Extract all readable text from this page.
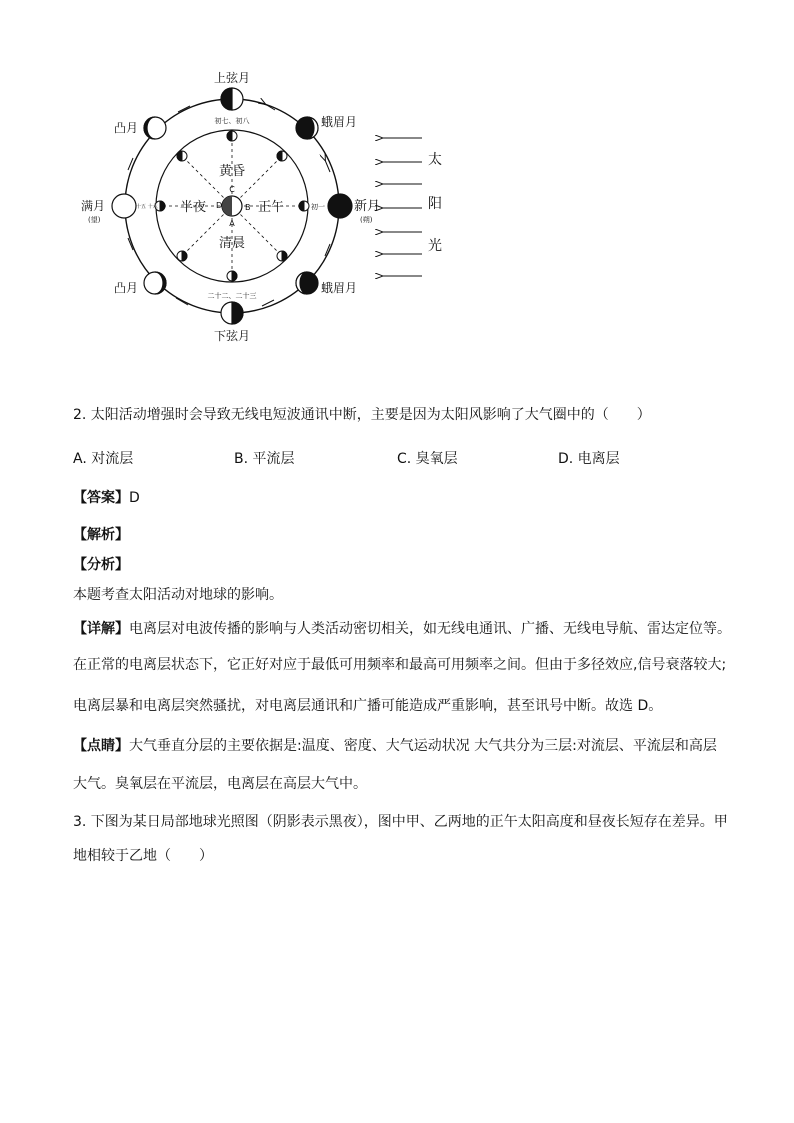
上弦月
蛾眉月
新月
(朔)
蛾眉月
下弦月
凸月
满月
(望)
凸月	初七、初八
二十二、二十三
十五 十六	初一
黄昏
半夜	正午
清晨
C
D	B
A
太
阳
光
2. 太阳活动增强时会导致无线电短波通讯中断，主要是因为太阳风影响了大气圈中的（　　）
A. 对流层	B. 平流层	C. 臭氧层	D. 电离层
【答案】D
【解析】
【分析】
本题考查太阳活动对地球的影响。
【详解】电离层对电波传播的影响与人类活动密切相关，如无线电通讯、广播、无线电导航、雷达定位等。
在正常的电离层状态下，它正好对应于最低可用频率和最高可用频率之间。但由于多径效应,信号衰落较大;
电离层暴和电离层突然骚扰，对电离层通讯和广播可能造成严重影响，甚至讯号中断。故选 D。
【点睛】大气垂直分层的主要依据是:温度、密度、大气运动状况 大气共分为三层:对流层、平流层和高层
大气。臭氧层在平流层，电离层在高层大气中。
3. 下图为某日局部地球光照图（阴影表示黑夜），图中甲、乙两地的正午太阳高度和昼夜长短存在差异。甲
地相较于乙地（　　）
